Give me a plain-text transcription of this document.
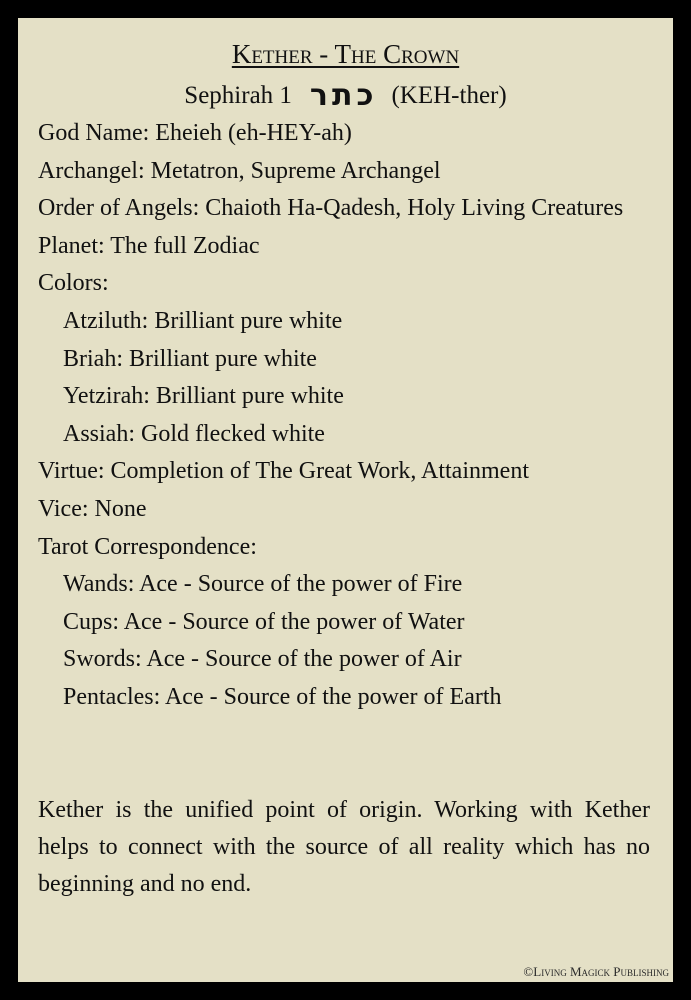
Kether - The Crown
Sephirah 1 כתר (KEH-ther)
God Name: Eheieh (eh-HEY-ah)
Archangel: Metatron, Supreme Archangel
Order of Angels: Chaioth Ha-Qadesh, Holy Living Creatures
Planet: The full Zodiac
Colors:
Atziluth: Brilliant pure white
Briah: Brilliant pure white
Yetzirah: Brilliant pure white
Assiah: Gold flecked white
Virtue: Completion of The Great Work, Attainment
Vice: None
Tarot Correspondence:
Wands: Ace - Source of the power of Fire
Cups: Ace - Source of the power of Water
Swords: Ace - Source of the power of Air
Pentacles: Ace - Source of the power of Earth
Kether is the unified point of origin. Working with Kether helps to connect with the source of all reality which has no beginning and no end.
©Living Magick Publishing
